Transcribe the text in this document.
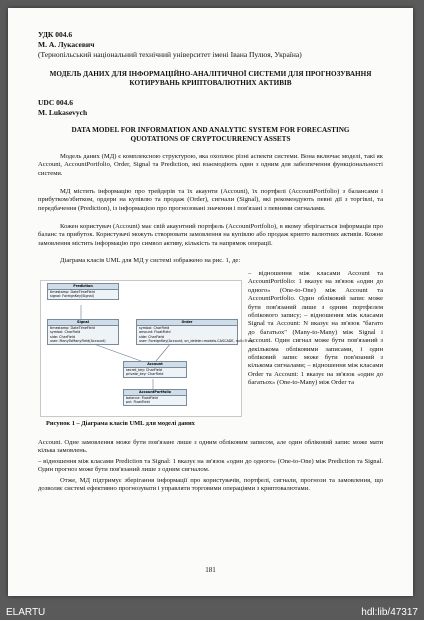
УДК 004.6
М. А. Лукасевич
(Тернопільський національний технічний університет імені Івана Пулюя, Україна)
МОДЕЛЬ ДАНИХ ДЛЯ ІНФОРМАЦІЙНО-АНАЛІТИЧНОЇ СИСТЕМИ ДЛЯ ПРОГНОЗУВАННЯ КОТИРУВАНЬ КРИПТОВАЛЮТНИХ АКТИВІВ
UDC 004.6
M. Lukasevych
DATA MODEL FOR INFORMATION AND ANALYTIC SYSTEM FOR FORECASTING QUOTATIONS OF CRYPTOCURRENCY ASSETS
Модель даних (МД) є комплексною структурою, яка охоплює різні аспекти системи. Вона включає моделі, такі як Account, AccountPortfolio, Order, Signal та Prediction, які взаємодіють один з одним для забезпечення функціональності системи.
МД містить інформацію про трейдерів та їх акаунти (Account), їх портфелі (AccountPortfolio) з балансами і прибутком/збитком, ордери на купівлю та продаж (Order), сигнали (Signal), які рекомендують певні дії з торгівлі, та передбачення (Prediction), із інформацією про прогнозовані значення і пов'язані з певними сигналами.
Кожен користувач (Account) має свій акаунтний портфель (AccountPortfolio), в якому зберігається інформація про баланс та прибуток. Користувачі можуть створювати замовлення на купівлю або продаж крипто валютних активів. Кожне замовлення містить інформацію про символ активу, кількість та напрямок операції.
Діаграма класів UML для МД у системі зображено на рис. 1, де:
Prediction
timestamp: DateTimeField
signal: ForeignKey(Signal)
Signal
timestamp: DateTimeField
symbol: CharField
side: CharField
user: ManyToManyField(Account)
Order
symbol: CharField
amount: FloatField
side: CharField
user: ForeignKey(Account, on_delete=models.CASCADE, null=True)
Account
secret_key: CharField
private_key: CharField
AccountPortfolio
balance: FloatField
pnl: FloatField
Рисунок 1 – Діаграма класів UML для моделі даних
– відношення між класами Account та AccountPortfolio: 1 вказує на зв'язок «один до одного» (One-to-One) між Account та AccountPortfolio. Один обліковий запис може бути пов'язаний лише з одним портфелем облікового запису; – відношення між класами Signal та Account: N вказує на зв'язок "багато до багатьох" (Many-to-Many) між Signal і Account. Один сигнал може бути пов'язаний з декількома обліковими записами, і один обліковий запис може бути пов'язаний з кількома сигналами; – відношення між класами Order та Account: 1 вказує на зв'язок «один до багатьох» (One-to-Many) між Order та
Account. Одне замовлення може бути пов'язане лише з одним обліковим записом, але один обліковий запис може мати кілька замовлень.
– відношення між класами Prediction та Signal: 1 вказує на зв'язок «один до одного» (One-to-One) між Prediction та Signal. Один прогноз може бути пов'язаний лише з одним сигналом.
Отже, МД підтримує зберігання інформації про користувачів, портфелі, сигнали, прогнози та замовлення, що дозволяє системі ефективно прогнозувати і управляти торговими операціями з криптовалютами.
181
ELARTU	hdl:lib/47317
